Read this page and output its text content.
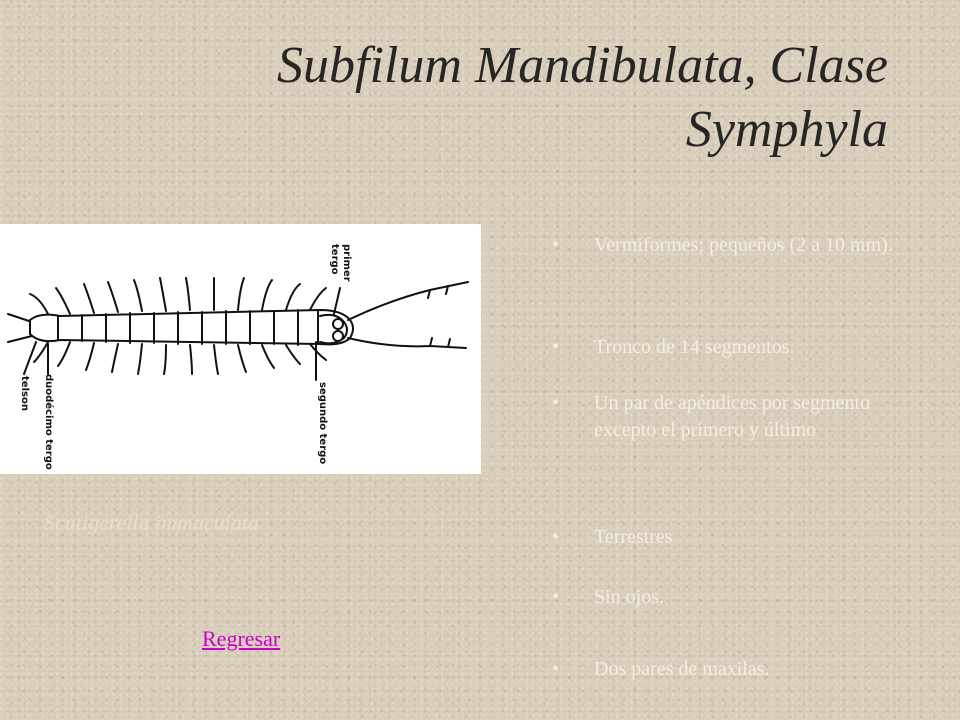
Subfilum Mandibulata, Clase
Symphyla
primer
tergo
segundo tergo
duodécimo tergo
telson
Scutigerella immaculata
Regresar
• Vermiformes; pequeños (2 a 10 mm).
• Tronco de 14 segmentos.
• Un par de apéndices por segmento excepto el primero y último
• Terrestres
• Sin ojos.
• Dos pares de maxilas.
